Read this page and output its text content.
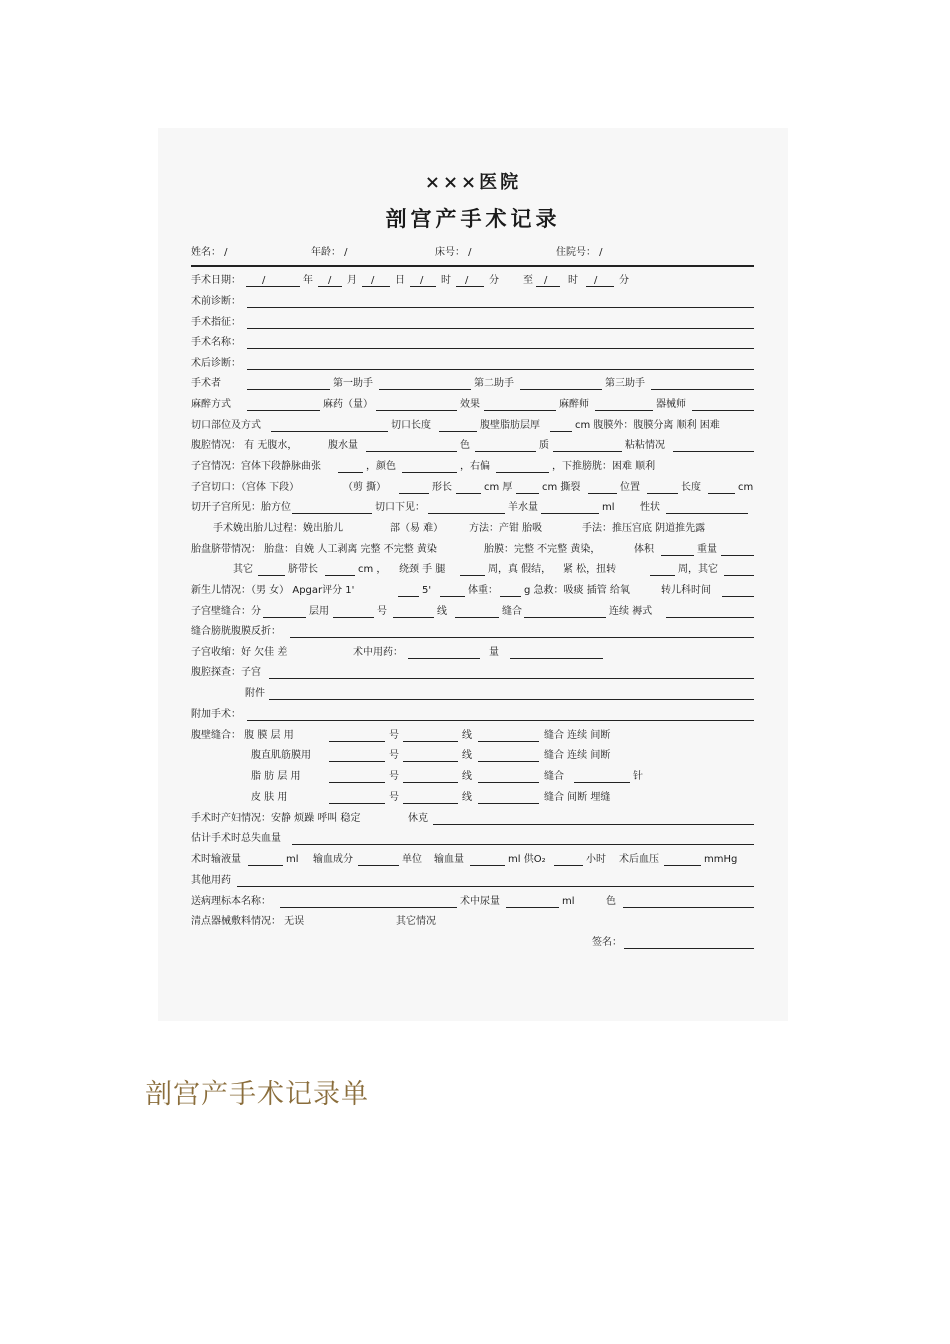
×××医院
剖宫产手术记录
姓名： /	年龄： /	床号： /	住院号： /
手术日期： /	年 / 月 / 日 / 时 / 分 至 / 时 / 分
术前诊断：
手术指征：
手术名称：
术后诊断：
手术者	第一助手	第二助手	第三助手
麻醉方式	麻药（量）	效果	麻醉师	器械师
切口部位及方式	切口长度	腹壁脂肪层厚	cm 腹膜外：腹膜分离 顺利 困难
腹腔情况： 有 无腹水，	腹水量	色	质	粘粘情况
子宫情况：宫体下段静脉曲张	，颜色	，右偏	，下推膀胱：困难 顺利
子宫切口：（宫体 下段）	（剪 撕）	形长	cm 厚	cm 撕裂	位置	长度	cm
切开子宫所见：胎方位	切口下见：	羊水量	ml	性状
手术娩出胎儿过程：娩出胎儿	部（易 难）	方法：产钳 胎吸	手法：推压宫底 阴道推先露
胎盘脐带情况： 胎盘：自娩 人工剥离 完整 不完整 黄染	胎膜：完整 不完整 黄染，	体积	重量
其它	脐带长	cm ， 绕颈 手 腿	周，真 假结， 紧 松，扭转	周，其它
新生儿情况：（男 女） Apgar评分 1'	5'	体重：	g 急救：吸痰 插管 给氧	转儿科时间
子宫壁缝合：分	层用	号	线	缝合	连续 褥式
缝合膀胱腹膜反折：
子宫收缩：好 欠佳 差	术中用药：	量
腹腔探查：子宫
附件
附加手术：
腹壁缝合： 腹 膜 层 用	号	线	缝合 连续 间断
腹直肌筋膜用	号	线	缝合 连续 间断
脂 肪 层 用	号	线	缝合	针
皮 肤 用	号	线	缝合 间断 埋缝
手术时产妇情况：安静 烦躁 呼叫 稳定	休克
估计手术时总失血量
术时输液量	ml 输血成分	单位 输血量	ml 供O₂	小时 术后血压	mmHg
其他用药
送病理标本名称：	术中尿量	ml	色
清点器械敷料情况： 无误	其它情况
签名：
剖宫产手术记录单
